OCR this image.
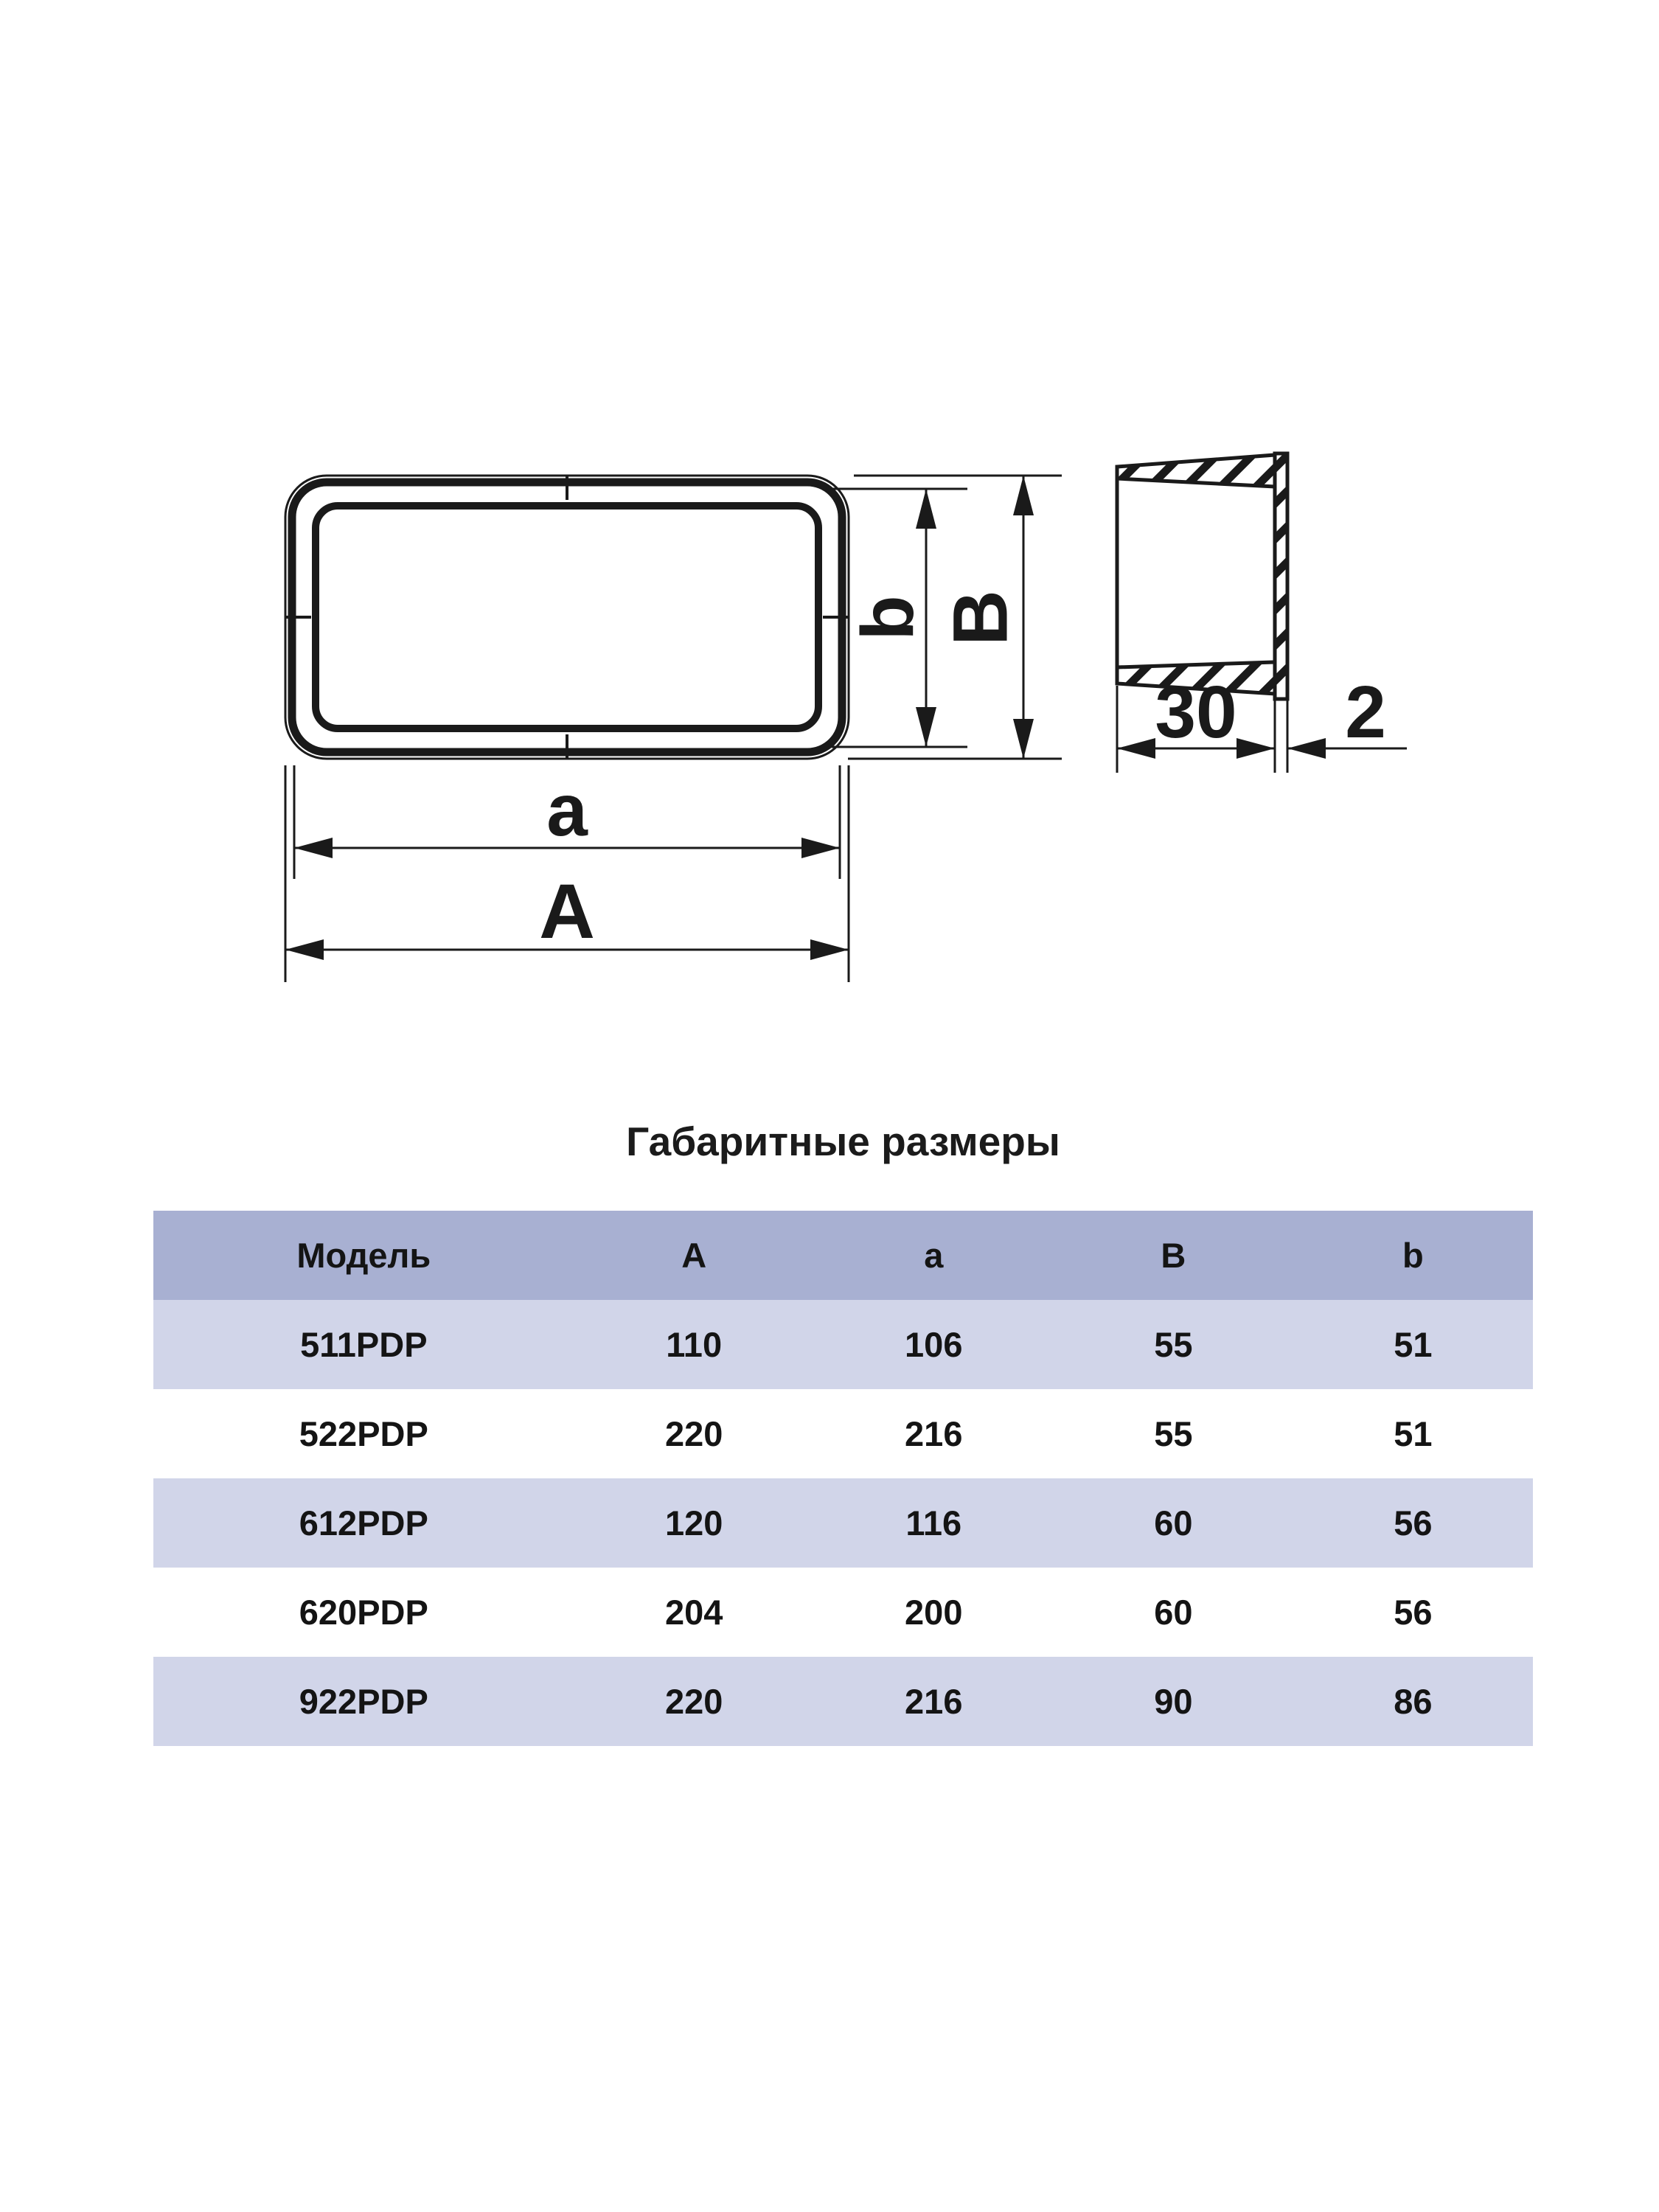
b B
a
A
30 2
Габаритные размеры
Модель	A	a	B	b
511PDP	110	106	55	51
522PDP	220	216	55	51
612PDP	120	116	60	56
620PDP	204	200	60	56
922PDP	220	216	90	86
